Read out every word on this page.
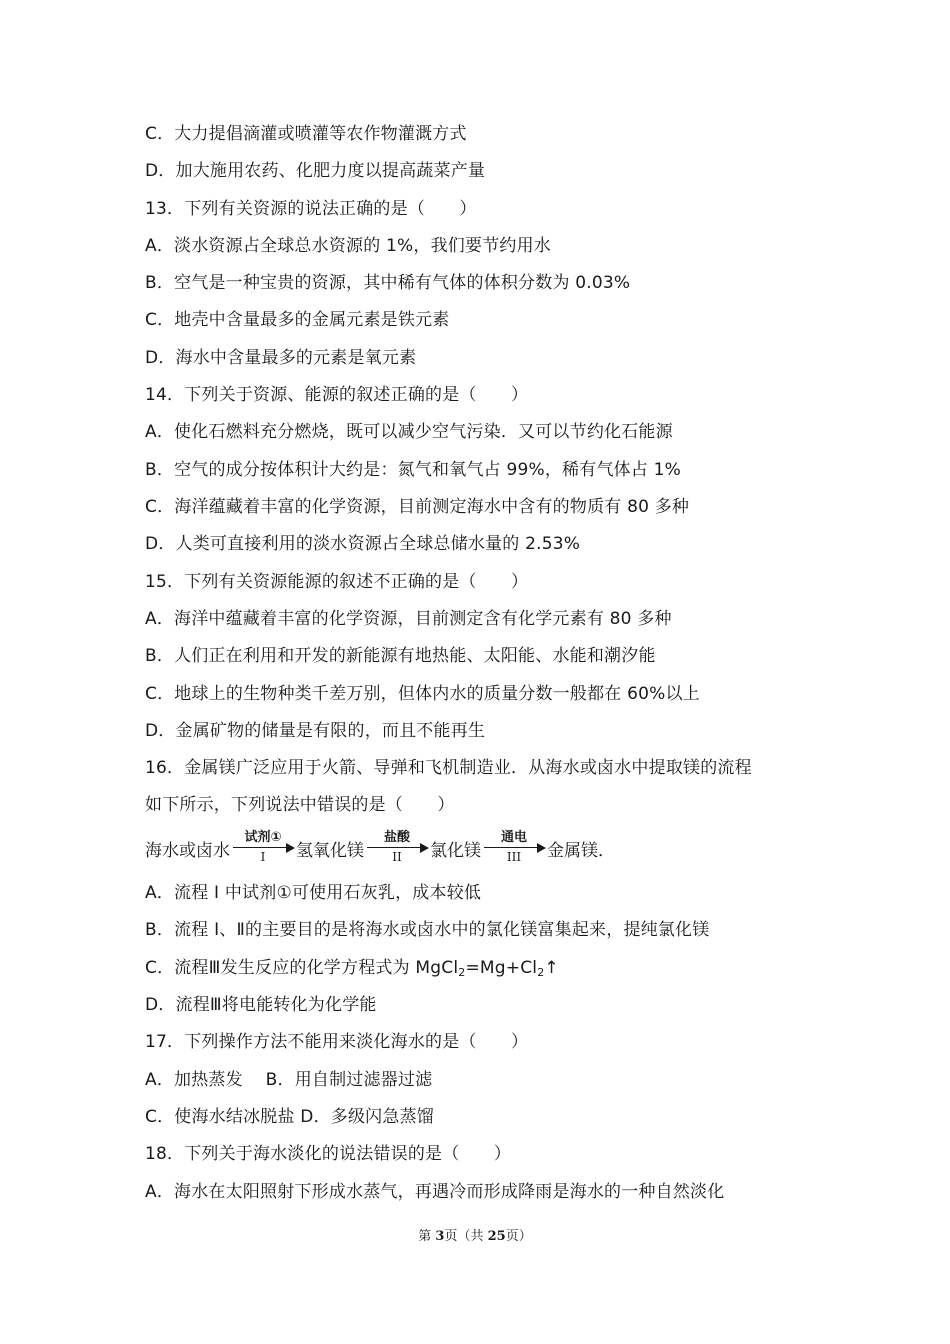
C．大力提倡滴灌或喷灌等农作物灌溉方式
D．加大施用农药、化肥力度以提高蔬菜产量
13．下列有关资源的说法正确的是（　　）
A．淡水资源占全球总水资源的 1%，我们要节约用水
B．空气是一种宝贵的资源，其中稀有气体的体积分数为 0.03%
C．地壳中含量最多的金属元素是铁元素
D．海水中含量最多的元素是氧元素
14．下列关于资源、能源的叙述正确的是（　　）
A．使化石燃料充分燃烧，既可以减少空气污染．又可以节约化石能源
B．空气的成分按体积计大约是：氮气和氧气占 99%，稀有气体占 1%
C．海洋蕴藏着丰富的化学资源，目前测定海水中含有的物质有 80 多种
D．人类可直接利用的淡水资源占全球总储水量的 2.53%
15．下列有关资源能源的叙述不正确的是（　　）
A．海洋中蕴藏着丰富的化学资源，目前测定含有化学元素有 80 多种
B．人们正在利用和开发的新能源有地热能、太阳能、水能和潮汐能
C．地球上的生物种类千差万别，但体内水的质量分数一般都在 60%以上
D．金属矿物的储量是有限的，而且不能再生
16．金属镁广泛应用于火箭、导弹和飞机制造业．从海水或卤水中提取镁的流程
如下所示，下列说法中错误的是（　　）
海水或卤水
试剂①
I	氢氧化镁
盐酸
II	氯化镁
通电
III	金属镁．
A．流程 I 中试剂①可使用石灰乳，成本较低
B．流程 I、Ⅱ的主要目的是将海水或卤水中的氯化镁富集起来，提纯氯化镁
C．流程Ⅲ发生反应的化学方程式为 $MgCl_2=Mg+Cl_2↑$
D．流程Ⅲ将电能转化为化学能
17．下列操作方法不能用来淡化海水的是（　　）
A．加热蒸发　 B．用自制过滤器过滤
C．使海水结冰脱盐 D．多级闪急蒸馏
18．下列关于海水淡化的说法错误的是（　　）
A．海水在太阳照射下形成水蒸气，再遇冷而形成降雨是海水的一种自然淡化
第 3页（共 25页）
